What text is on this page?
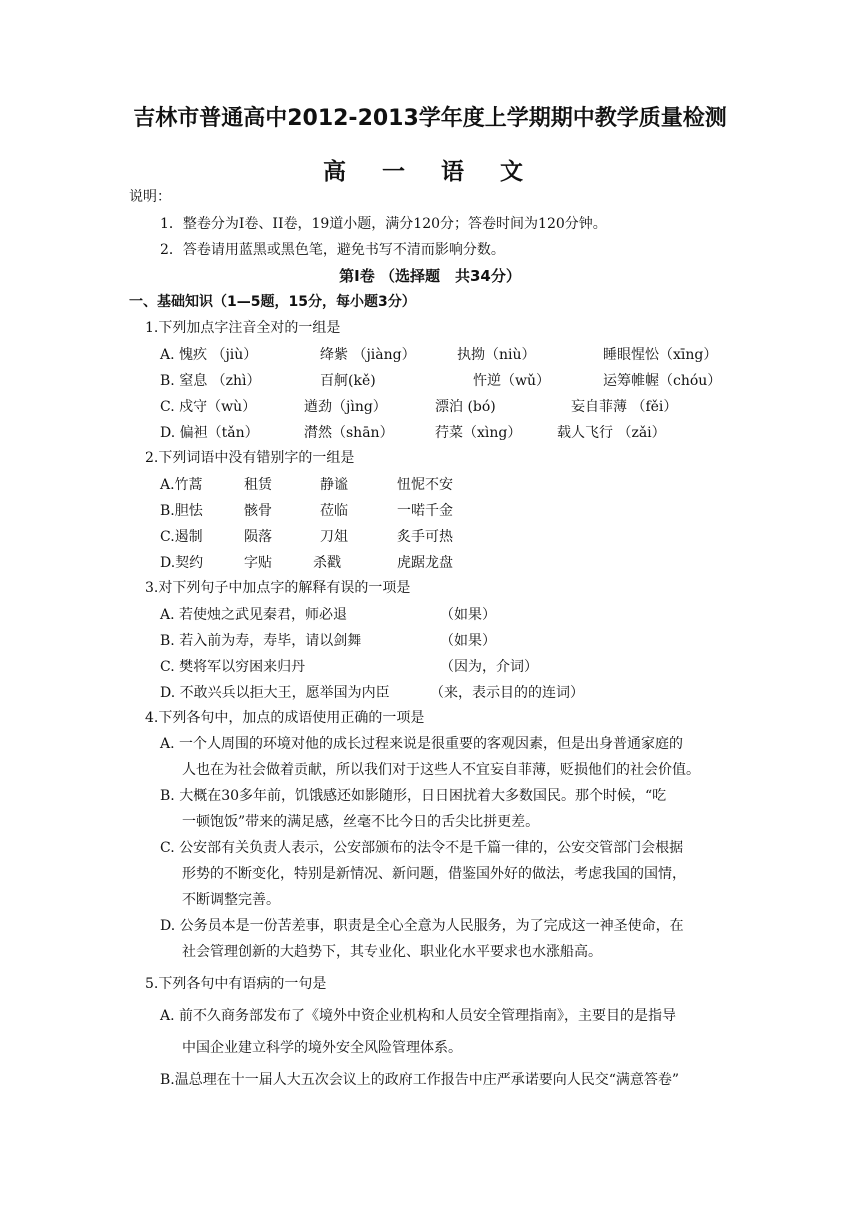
吉林市普通高中2012-2013学年度上学期期中教学质量检测
高 一 语 文
说明：
1．整卷分为Ⅰ卷、II卷，19道小题，满分120分；答卷时间为120分钟。
2．答卷请用蓝黑或黑色笔，避免书写不清而影响分数。
第Ⅰ卷 （选择题　共34分）
一、基础知识（1—5题，15分，每小题3分）
1.下列加点字注音全对的一组是
A. 愧疚 （jiù）	绛紫 （jiàng）	执拗（niù）	睡眼惺忪（xīng）
B. 窒息 （zhì）	百舸(kě)	忤逆（wǔ）	运筹帷幄（chóu）
C. 戍守（wù）	遒劲（jìng）	漂泊 (bó)	妄自菲薄 （fěi）
D. 偏袒（tǎn）	潸然（shān）	荇菜（xìng）	载人飞行 （zǎi）
2.下列词语中没有错别字的一组是
A.竹蒿	租赁	静谧	忸怩不安
B.胆怯	骸骨	莅临	一喏千金
C.遏制	陨落	刀俎	炙手可热
D.契约	字贴	杀戳	虎踞龙盘
3.对下列句子中加点字的解释有误的一项是
A. 若使烛之武见秦君，师必退	（如果）
B. 若入前为寿，寿毕，请以剑舞	（如果）
C. 樊将军以穷困来归丹	（因为，介词）
D. 不敢兴兵以拒大王，愿举国为内臣	（来，表示目的的连词）
4.下列各句中，加点的成语使用正确的一项是
A. 一个人周围的环境对他的成长过程来说是很重要的客观因素，但是出身普通家庭的
人也在为社会做着贡献，所以我们对于这些人不宜妄自菲薄，贬损他们的社会价值。
B. 大概在30多年前，饥饿感还如影随形，日日困扰着大多数国民。那个时候，“吃
一顿饱饭”带来的满足感，丝毫不比今日的舌尖比拼更差。
C. 公安部有关负责人表示，公安部颁布的法令不是千篇一律的，公安交管部门会根据
形势的不断变化，特别是新情况、新问题，借鉴国外好的做法，考虑我国的国情，
不断调整完善。
D. 公务员本是一份苦差事，职责是全心全意为人民服务，为了完成这一神圣使命，在
社会管理创新的大趋势下，其专业化、职业化水平要求也水涨船高。
5.下列各句中有语病的一句是
A. 前不久商务部发布了《境外中资企业机构和人员安全管理指南》，主要目的是指导
中国企业建立科学的境外安全风险管理体系。
B.温总理在十一届人大五次会议上的政府工作报告中庄严承诺要向人民交“满意答卷”
